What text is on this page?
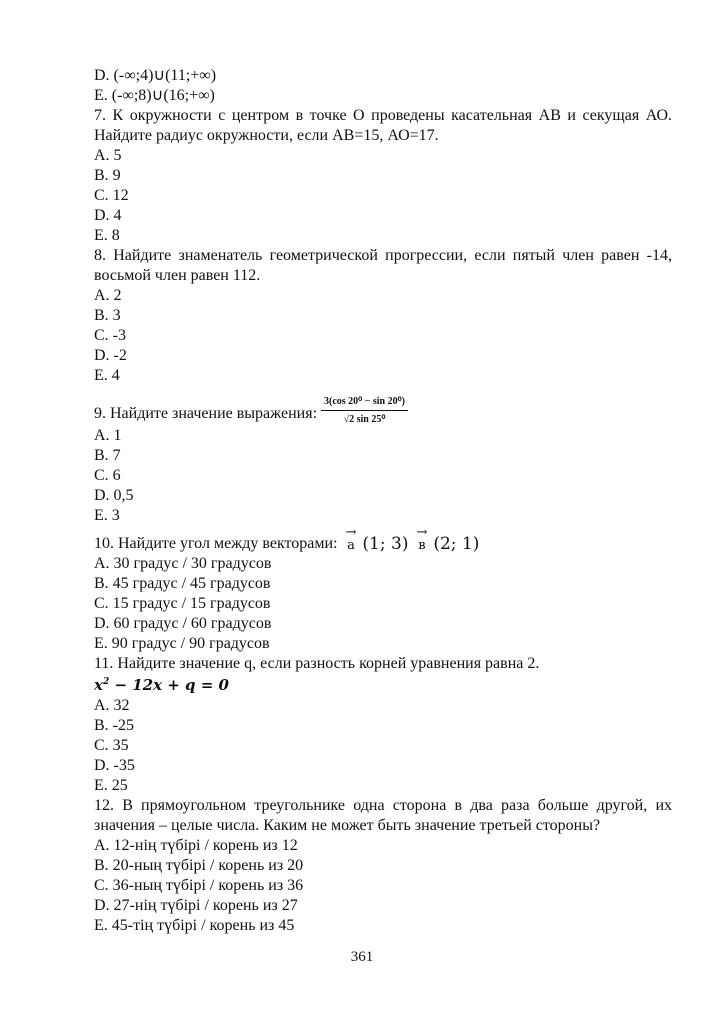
D. (-∞;4)∪(11;+∞)
E. (-∞;8)∪(16;+∞)
7. К окружности с центром в точке О проведены касательная АВ и секущая АО. Найдите радиус окружности, если АВ=15, АО=17.
A. 5
B. 9
C. 12
D. 4
E. 8
8. Найдите знаменатель геометрической прогрессии, если пятый член равен -14, восьмой член равен 112.
A. 2
B. 3
C. -3
D. -2
E. 4
9. Найдите значение выражения: $\frac{\text{3(cos 20⁰ − sin 20⁰)}}{\text{√2 sin 25⁰}}$
A. 1
B. 7
C. 6
D. 0,5
E. 3
10. Найдите угол между векторами:
→
а (1; 3)
→
в (2; 1)
A. 30 градус / 30 градусов
B. 45 градус / 45 градусов
C. 15 градус / 15 градусов
D. 60 градус / 60 градусов
E. 90 градус / 90 градусов
11. Найдите значение q, если разность корней уравнения равна 2.
$x^2 - 12x + q = 0$
A. 32
B. -25
C. 35
D. -35
E. 25
12. В прямоугольном треугольнике одна сторона в два раза больше другой, их значения – целые числа. Каким не может быть значение третьей стороны?
A. 12-нің түбірі / корень из 12
B. 20-ның түбірі / корень из 20
C. 36-ның түбірі / корень из 36
D. 27-нің түбірі / корень из 27
E. 45-тің түбірі / корень из 45
361
